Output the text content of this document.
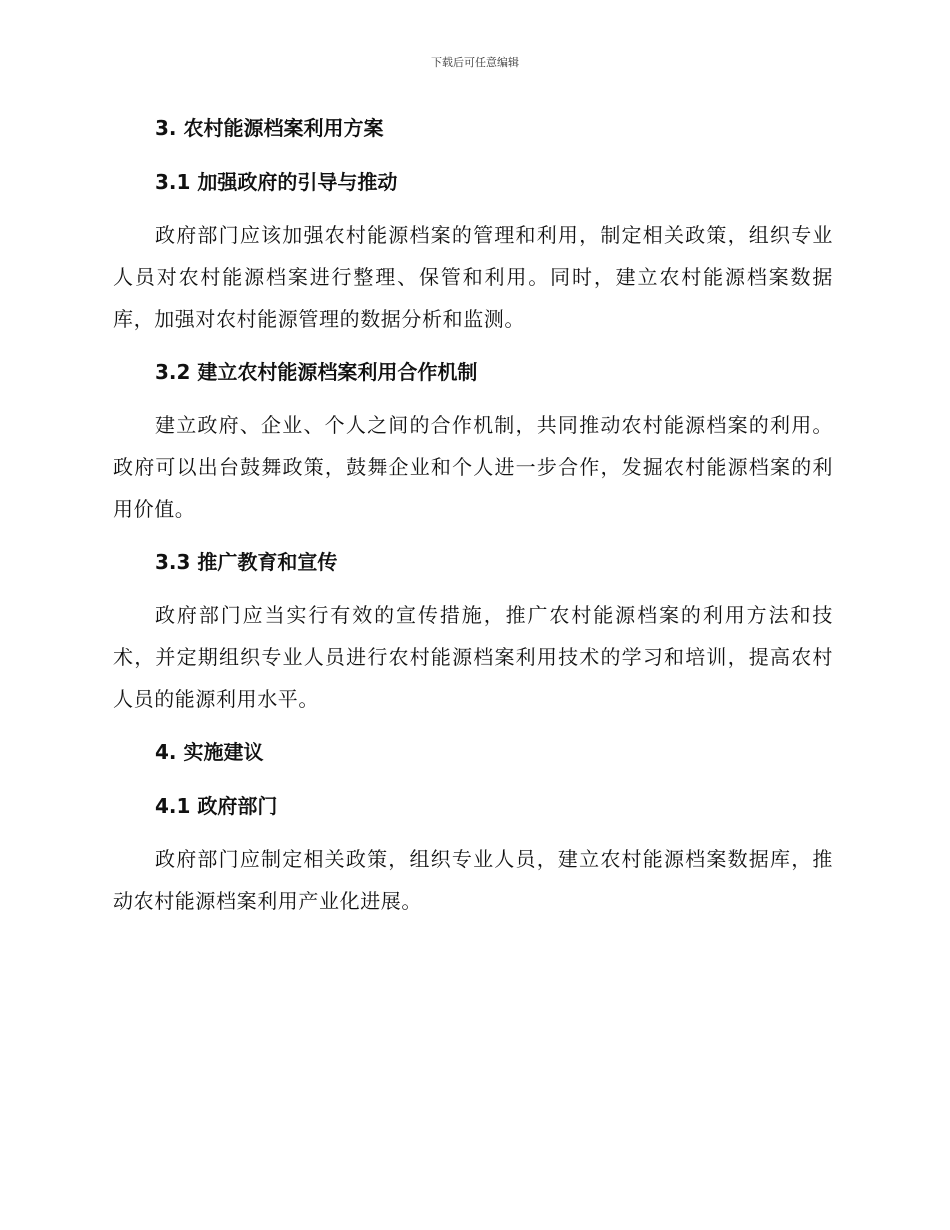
下载后可任意编辑
3. 农村能源档案利用方案
3.1 加强政府的引导与推动

政府部门应该加强农村能源档案的管理和利用，制定相关政策，组织专业人员对农村能源档案进行整理、保管和利用。同时，建立农村能源档案数据库，加强对农村能源管理的数据分析和监测。

3.2 建立农村能源档案利用合作机制

建立政府、企业、个人之间的合作机制，共同推动农村能源档案的利用。政府可以出台鼓舞政策，鼓舞企业和个人进一步合作，发掘农村能源档案的利用价值。

3.3 推广教育和宣传

政府部门应当实行有效的宣传措施，推广农村能源档案的利用方法和技术，并定期组织专业人员进行农村能源档案利用技术的学习和培训，提高农村人员的能源利用水平。

4. 实施建议
4.1 政府部门

政府部门应制定相关政策，组织专业人员，建立农村能源档案数据库，推动农村能源档案利用产业化进展。
